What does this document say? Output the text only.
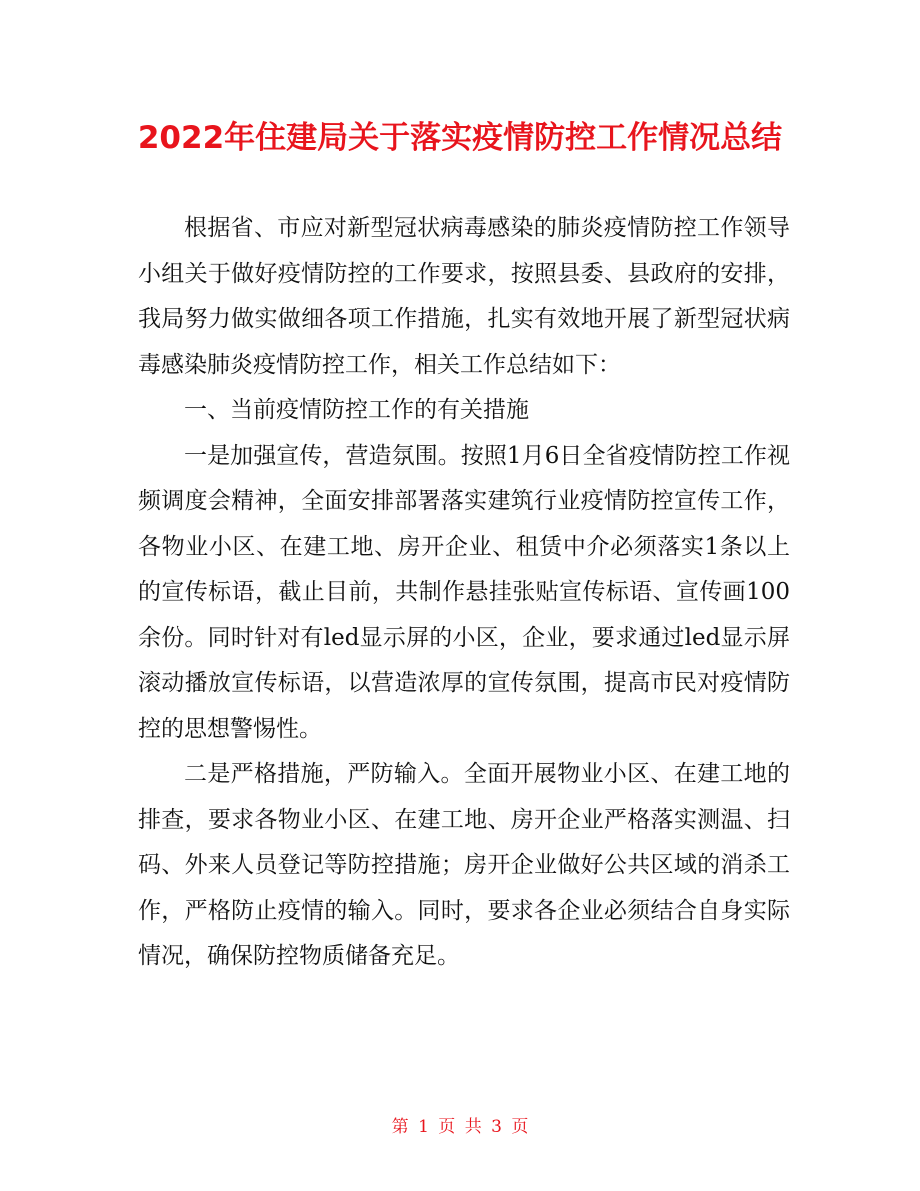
2022年住建局关于落实疫情防控工作情况总结

根据省、市应对新型冠状病毒感染的肺炎疫情防控工作领导小组关于做好疫情防控的工作要求，按照县委、县政府的安排，我局努力做实做细各项工作措施，扎实有效地开展了新型冠状病毒感染肺炎疫情防控工作，相关工作总结如下：

一、当前疫情防控工作的有关措施

一是加强宣传，营造氛围。按照1月6日全省疫情防控工作视频调度会精神，全面安排部署落实建筑行业疫情防控宣传工作，各物业小区、在建工地、房开企业、租赁中介必须落实1条以上的宣传标语，截止目前，共制作悬挂张贴宣传标语、宣传画100余份。同时针对有led显示屏的小区，企业，要求通过led显示屏滚动播放宣传标语，以营造浓厚的宣传氛围，提高市民对疫情防控的思想警惕性。

二是严格措施，严防输入。全面开展物业小区、在建工地的排查，要求各物业小区、在建工地、房开企业严格落实测温、扫码、外来人员登记等防控措施；房开企业做好公共区域的消杀工作，严格防止疫情的输入。同时，要求各企业必须结合自身实际情况，确保防控物质储备充足。

第 1 页 共 3 页
